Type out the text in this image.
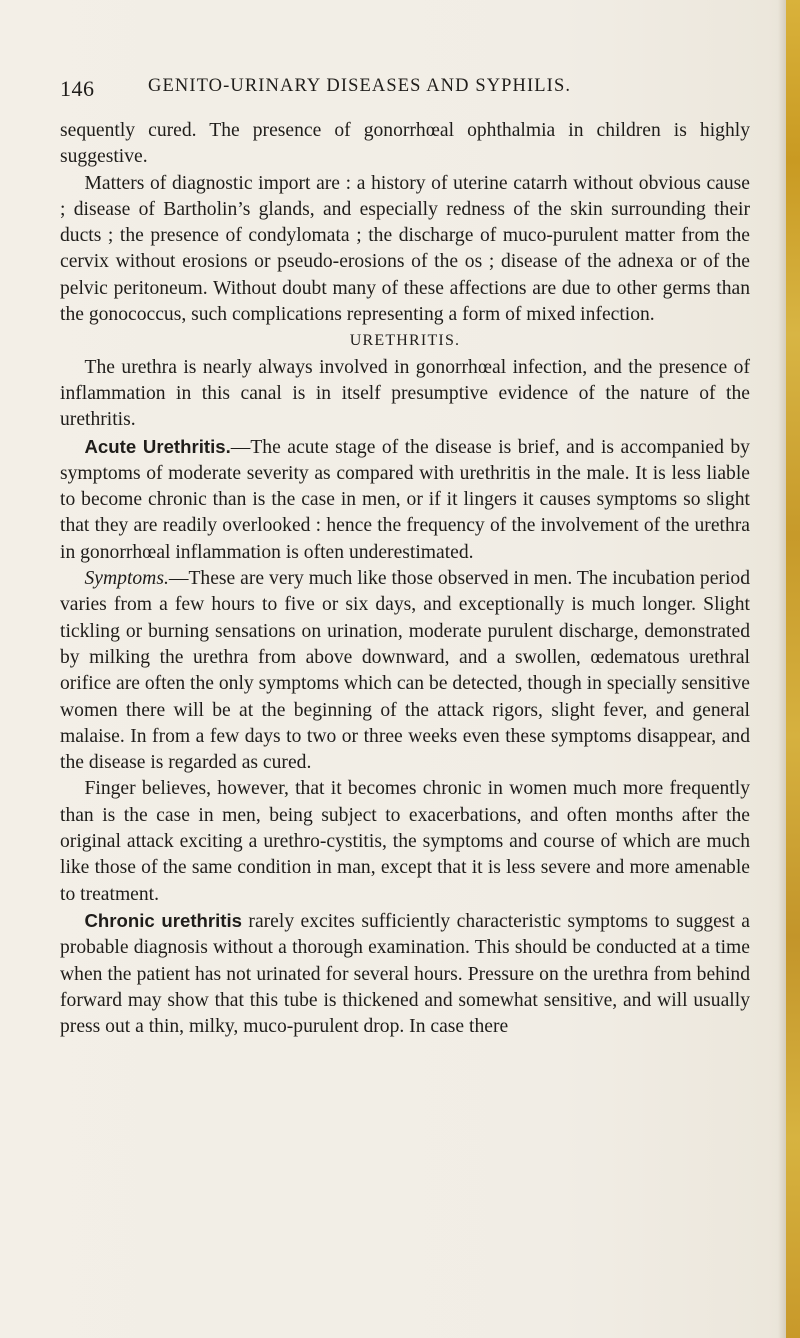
146	GENITO-URINARY DISEASES AND SYPHILIS.

sequently cured. The presence of gonorrhœal ophthalmia in children is highly suggestive.

Matters of diagnostic import are : a history of uterine catarrh without obvious cause ; disease of Bartholin’s glands, and especially redness of the skin surrounding their ducts ; the presence of condylomata ; the discharge of muco-purulent matter from the cervix without erosions or pseudo-erosions of the os ; disease of the adnexa or of the pelvic peritoneum. Without doubt many of these affections are due to other germs than the gonococcus, such complications representing a form of mixed infection.

URETHRITIS.

The urethra is nearly always involved in gonorrhœal infection, and the presence of inflammation in this canal is in itself presumptive evidence of the nature of the urethritis.

Acute Urethritis.—The acute stage of the disease is brief, and is accompanied by symptoms of moderate severity as compared with urethritis in the male. It is less liable to become chronic than is the case in men, or if it lingers it causes symptoms so slight that they are readily overlooked : hence the frequency of the involvement of the urethra in gonorrhœal inflammation is often underestimated.

Symptoms.—These are very much like those observed in men. The incubation period varies from a few hours to five or six days, and exceptionally is much longer. Slight tickling or burning sensations on urination, moderate purulent discharge, demonstrated by milking the urethra from above downward, and a swollen, œdematous urethral orifice are often the only symptoms which can be detected, though in specially sensitive women there will be at the beginning of the attack rigors, slight fever, and general malaise. In from a few days to two or three weeks even these symptoms disappear, and the disease is regarded as cured.

Finger believes, however, that it becomes chronic in women much more frequently than is the case in men, being subject to exacerbations, and often months after the original attack exciting a urethro-cystitis, the symptoms and course of which are much like those of the same condition in man, except that it is less severe and more amenable to treatment.

Chronic urethritis rarely excites sufficiently characteristic symptoms to suggest a probable diagnosis without a thorough examination. This should be conducted at a time when the patient has not urinated for several hours. Pressure on the urethra from behind forward may show that this tube is thickened and somewhat sensitive, and will usually press out a thin, milky, muco-purulent drop. In case there
